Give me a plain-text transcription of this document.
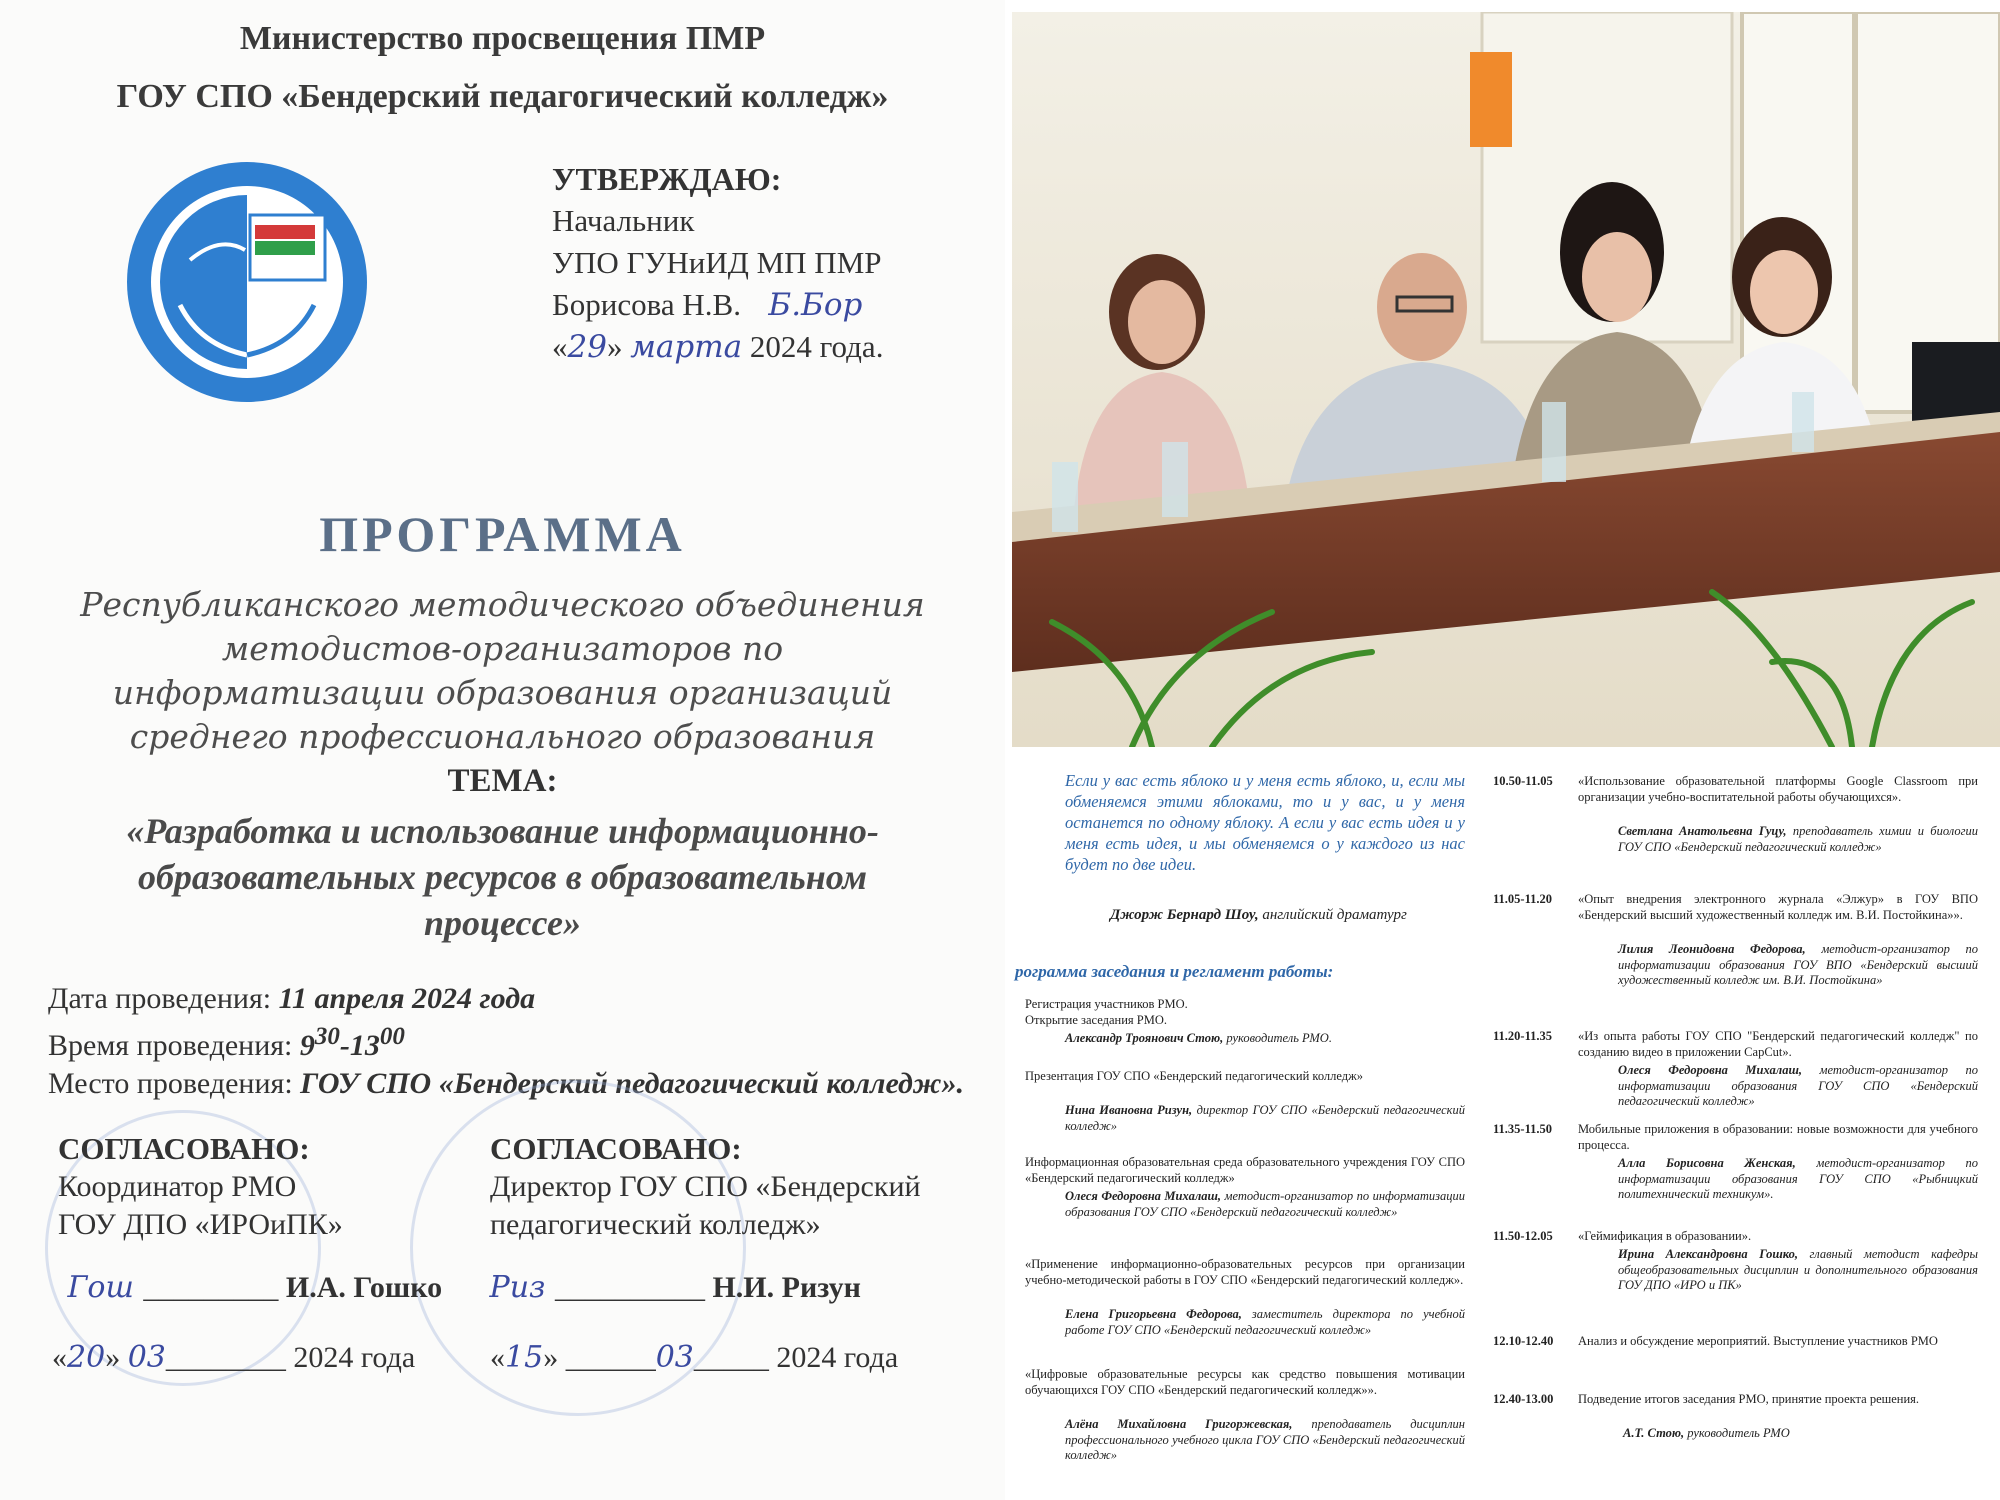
Министерство просвещения ПМР
ГОУ СПО «Бендерский педагогический колледж»
УТВЕРЖДАЮ:
Начальник
УПО ГУНиИД МП ПМР
Борисова Н.В.   Б.Бор
«29» марта 2024 года.
ПРОГРАММА
Республиканского методического объединения методистов-организаторов по информатизации образования организаций среднего профессионального образования
ТЕМА:
«Разработка и использование информационно-образовательных ресурсов в образовательном процессе»
Дата проведения: 11 апреля 2024 года
Время проведения: $9^{30}-13^{00}$
Место проведения: ГОУ СПО «Бендерский педагогический колледж».
СОГЛАСОВАНО:
Координатор РМО
ГОУ ДПО «ИРОиПК»
Гош _________ И.А. Гошко
«20» 03________ 2024 года
СОГЛАСОВАНО:
Директор ГОУ СПО «Бендерский
педагогический колледж»
Риз __________ Н.И. Ризун
«15» ______03_____ 2024 года
Если у вас есть яблоко и у меня есть яблоко, и, если мы обменяемся этими яблоками, то и у вас, и у меня останется по одному яблоку. А если у вас есть идея и у меня есть идея, и мы обменяемся о у каждого из нас будет по две идеи.
Джорж Бернард Шоу, английский драматург
рограмма заседания и регламент работы:
Регистрация участников РМО.
Открытие заседания РМО.
Александр Троянович Стою, руководитель РМО.
Презентация ГОУ СПО «Бендерский педагогический колледж»
Нина Ивановна Ризун, директор ГОУ СПО «Бендерский педагогический колледж»
Информационная образовательная среда образовательного учреждения ГОУ СПО «Бендерский педагогический колледж»
Олеся Федоровна Михалаш, методист-организатор по информатизации образования ГОУ СПО «Бендерский педагогический колледж»
«Применение информационно-образовательных ресурсов при организации учебно-методической работы в ГОУ СПО «Бендерский педагогический колледж».
Елена Григорьевна Федорова, заместитель директора по учебной работе ГОУ СПО «Бендерский педагогический колледж»
«Цифровые образовательные ресурсы как средство повышения мотивации обучающихся ГОУ СПО «Бендерский педагогический колледж»».
Алёна Михайловна Григоржевская, преподаватель дисциплин профессионального учебного цикла ГОУ СПО «Бендерский педагогический колледж»
10.50-11.05	«Использование образовательной платформы Google Classroom при организации учебно-воспитательной работы обучающихся».
Светлана Анатольевна Гуцу, преподаватель химии и биологии ГОУ СПО «Бендерский педагогический колледж»
11.05-11.20	«Опыт внедрения электронного журнала «Элжур» в ГОУ ВПО «Бендерский высший художественный колледж им. В.И. Постойкина»».
Лилия Леонидовна Федорова, методист-организатор по информатизации образования ГОУ ВПО «Бендерский высший художественный колледж им. В.И. Постойкина»
11.20-11.35	«Из опыта работы ГОУ СПО "Бендерский педагогический колледж" по созданию видео в приложении CapCut».
Олеся Федоровна Михалаш, методист-организатор по информатизации образования ГОУ СПО «Бендерский педагогический колледж»
11.35-11.50	Мобильные приложения в образовании: новые возможности для учебного процесса.
Алла Борисовна Женская, методист-организатор по информатизации образования ГОУ СПО «Рыбницкий политехнический техникум».
11.50-12.05	«Геймификация в образовании».
Ирина Александровна Гошко, главный методист кафедры общеобразовательных дисциплин и дополнительного образования ГОУ ДПО «ИРО и ПК»
12.10-12.40	Анализ и обсуждение мероприятий. Выступление участников РМО
12.40-13.00	Подведение итогов заседания РМО, принятие проекта решения.
А.Т. Стою, руководитель РМО
